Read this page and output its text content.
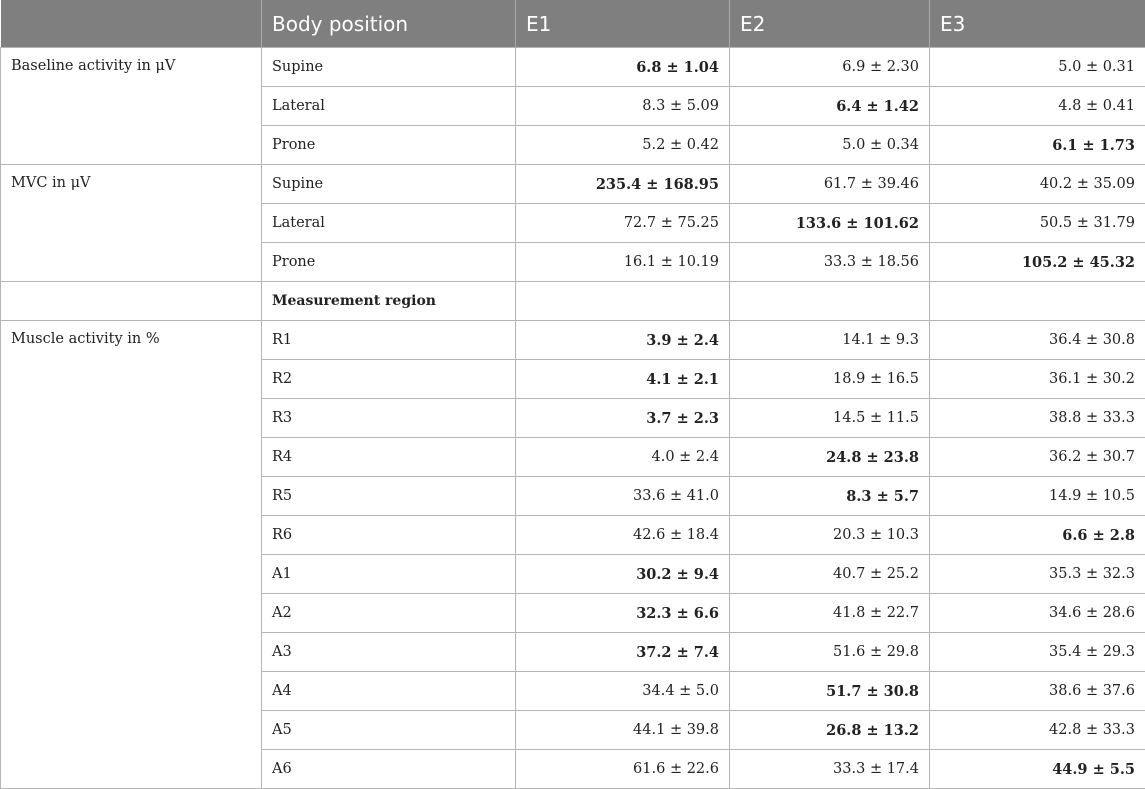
	Body position	E1	E2	E3
Baseline activity in μV	Supine	6.8 ± 1.04	6.9 ± 2.30	5.0 ± 0.31
	Lateral	8.3 ± 5.09	6.4 ± 1.42	4.8 ± 0.41
	Prone	5.2 ± 0.42	5.0 ± 0.34	6.1 ± 1.73
MVC in μV	Supine	235.4 ± 168.95	61.7 ± 39.46	40.2 ± 35.09
	Lateral	72.7 ± 75.25	133.6 ± 101.62	50.5 ± 31.79
	Prone	16.1 ± 10.19	33.3 ± 18.56	105.2 ± 45.32
	Measurement region			
Muscle activity in %	R1	3.9 ± 2.4	14.1 ± 9.3	36.4 ± 30.8
	R2	4.1 ± 2.1	18.9 ± 16.5	36.1 ± 30.2
	R3	3.7 ± 2.3	14.5 ± 11.5	38.8 ± 33.3
	R4	4.0 ± 2.4	24.8 ± 23.8	36.2 ± 30.7
	R5	33.6 ± 41.0	8.3 ± 5.7	14.9 ± 10.5
	R6	42.6 ± 18.4	20.3 ± 10.3	6.6 ± 2.8
	A1	30.2 ± 9.4	40.7 ± 25.2	35.3 ± 32.3
	A2	32.3 ± 6.6	41.8 ± 22.7	34.6 ± 28.6
	A3	37.2 ± 7.4	51.6 ± 29.8	35.4 ± 29.3
	A4	34.4 ± 5.0	51.7 ± 30.8	38.6 ± 37.6
	A5	44.1 ± 39.8	26.8 ± 13.2	42.8 ± 33.3
	A6	61.6 ± 22.6	33.3 ± 17.4	44.9 ± 5.5
